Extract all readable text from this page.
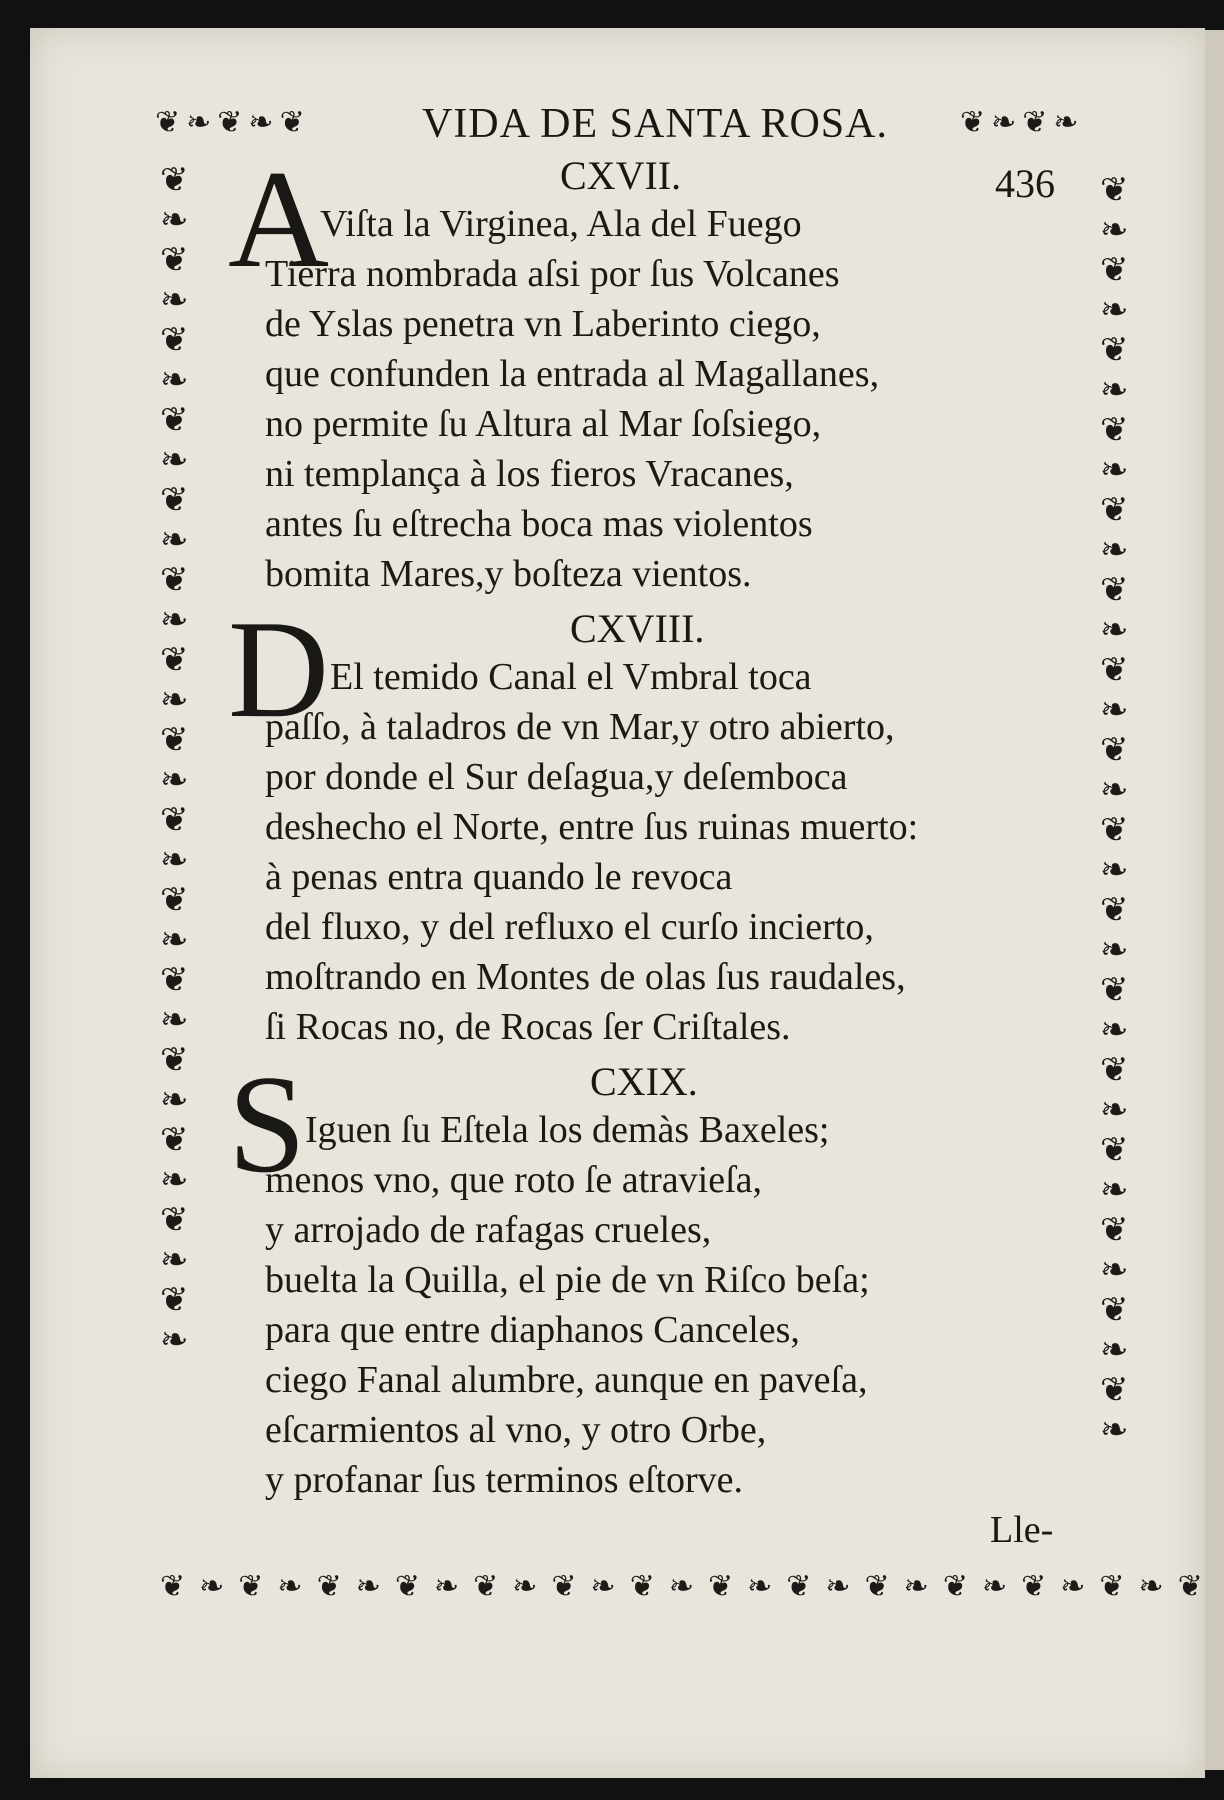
❦ ❧ ❦ ❧ ❦	❦ ❧ ❦ ❧
❦
❧
❦
❧
❦
❧
❦
❧
❦
❧
❦
❧
❦
❧
❦
❧
❦
❧
❦
❧
❦
❧
❦
❧
❦
❧
❦
❧
❦
❧
❦
❧
❦
❧
❦
❧
❦
❧
❦
❧
❦
❧
❦
❧
❦
❧
❦
❧
❦
❧
❦
❧
❦
❧
❦
❧
❦
❧
❦
❧
❦
❧
❦ ❧ ❦ ❧ ❦ ❧ ❦ ❧ ❦ ❧ ❦ ❧ ❦ ❧ ❦ ❧ ❦ ❧ ❦ ❧ ❦ ❧ ❦ ❧ ❦ ❧ ❦
VIDA DE SANTA ROSA.
436
CXVII.
A
Viſta la Virginea, Ala del Fuego
Tierra nombrada aſsi por ſus Volcanes
de Yslas penetra vn Laberinto ciego,
que confunden la entrada al Magallanes,
no permite ſu Altura al Mar ſoſsiego,
ni templança à los fieros Vracanes,
antes ſu eſtrecha boca mas violentos
bomita Mares,y boſteza vientos.
CXVIII.
D El temido Canal el Vmbral toca
paſſo, à taladros de vn Mar,y otro abierto,
por donde el Sur deſagua,y deſemboca
deshecho el Norte, entre ſus ruinas muerto:
à penas entra quando le revoca
del fluxo, y del refluxo el curſo incierto,
moſtrando en Montes de olas ſus raudales,
ſi Rocas no, de Rocas ſer Criſtales.
CXIX.
S Iguen ſu Eſtela los demàs Baxeles;
menos vno, que roto ſe atravieſa,
y arrojado de rafagas crueles,
buelta la Quilla, el pie de vn Riſco beſa;
para que entre diaphanos Canceles,
ciego Fanal alumbre, aunque en paveſa,
eſcarmientos al vno, y otro Orbe,
y profanar ſus terminos eſtorve.
Lle-
